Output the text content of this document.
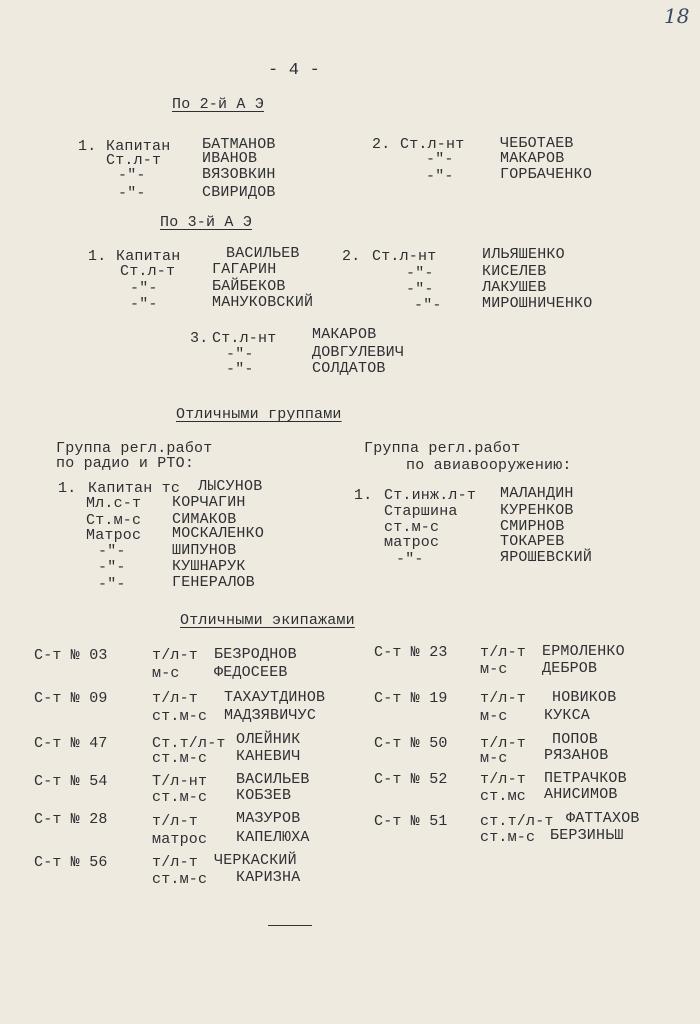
18
- 4 -
По 2-й А Э
1.	2.
Капитан БАТМАНОВ
Ст.л-т	ИВАНОВ
-"-	ВЯЗОВКИН
-"-	СВИРИДОВ
Ст.л-нт ЧЕБОТАЕВ
-"-	МАКАРОВ
-"-	ГОРБАЧЕНКО
По 3-й А Э
1.	2.
Капитан	ВАСИЛЬЕВ
Ст.л-т ГАГАРИН
-"-	БАЙБЕКОВ
-"-	МАНУКОВСКИЙ
Ст.л-нт	ИЛЬЯШЕНКО
-"-	КИСЕЛЕВ
-"-	ЛАКУШЕВ
-"-	МИРОШНИЧЕНКО
3. Ст.л-нт МАКАРОВ
-"-	ДОВГУЛЕВИЧ
-"-	СОЛДАТОВ
Отличными группами
Группа регл.работ
по радио и РТО:
Группа регл.работ
по авиавооружению:
1. Капитан тс ЛЫСУНОВ
Мл.с-т КОРЧАГИН
Ст.м-с СИМАКОВ
Матрос МОСКАЛЕНКО
-"-	ШИПУНОВ
-"-	КУШНАРУК
-"-	ГЕНЕРАЛОВ
1. Ст.инж.л-т МАЛАНДИН
Старшина	КУРЕНКОВ
ст.м-с	СМИРНОВ
матрос	ТОКАРЕВ
-"-	ЯРОШЕВСКИЙ
Отличными экипажами
С-т № 03	т/л-т БЕЗРОДНОВ
м-с ФЕДОСЕЕВ
С-т № 09	т/л-т ТАХАУТДИНОВ
ст.м-с МАДЗЯВИЧУС
С-т № 47	Ст.т/л-т ОЛЕЙНИК
ст.м-с КАНЕВИЧ
С-т № 54	Т/л-нт ВАСИЛЬЕВ
ст.м-с КОБЗЕВ
С-т № 28	т/л-т	МАЗУРОВ
матрос КАПЕЛЮХА
С-т № 56	т/л-т ЧЕРКАСКИЙ
ст.м-с КАРИЗНА
С-т № 23 т/л-т ЕРМОЛЕНКО
м-с ДЕБРОВ
С-т № 19 т/л-т НОВИКОВ
м-с КУКСА
С-т № 50 т/л-т ПОПОВ
м-с РЯЗАНОВ
С-т № 52 т/л-т ПЕТРАЧКОВ
ст.мс АНИСИМОВ
С-т № 51 ст.т/л-т ФАТТАХОВ
ст.м-с БЕРЗИНЬШ
